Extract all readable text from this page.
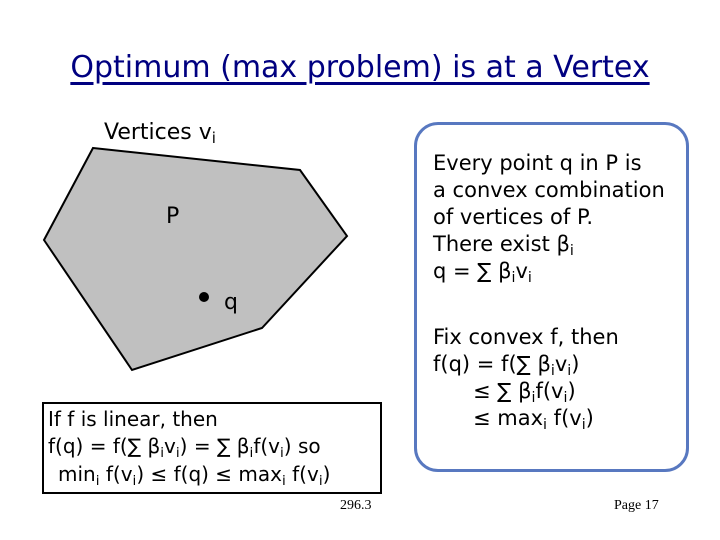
Optimum (max problem) is at a Vertex
Vertices $v_i$
P
q
Every point q in P is
a convex combination
of vertices of P.
There exist $\beta_i$
q = ∑ $\beta_iv_i$
Fix convex f, then
f(q) = f(∑ $\beta_iv_i$)
≤ ∑ $\beta_if(v_i)$
≤ $\max_i f(v_i)$
If f is linear, then
f(q) = f(∑ $\beta_iv_i$) = ∑ $\beta_if(v_i)$ so
$\min_i f(v_i) \le f(q) \le \max_i f(v_i)$
296.3	Page 17
